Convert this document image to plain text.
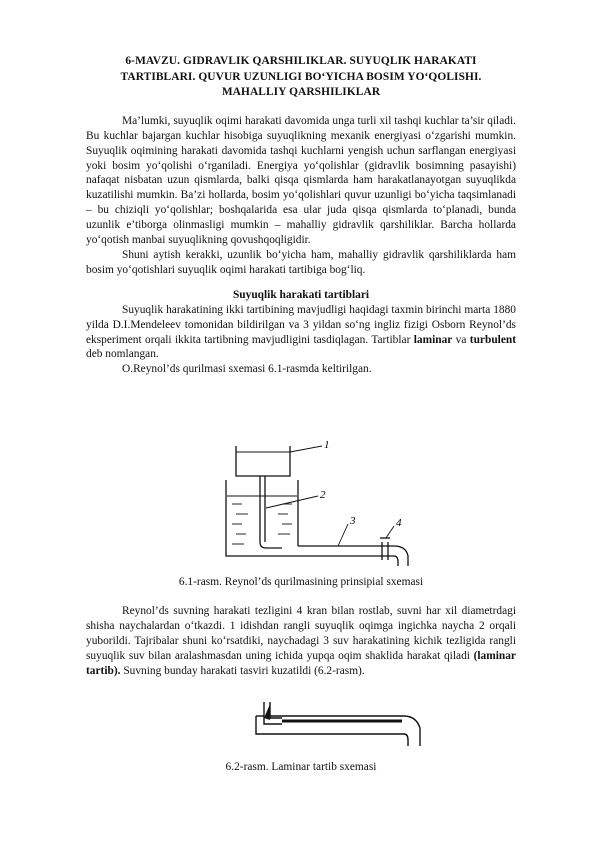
6-MAVZU. GIDRAVLIK QARSHILIKLAR. SUYUQLIK HARAKATI
TARTIBLARI. QUVUR UZUNLIGI BO‘YICHA BOSIM YO‘QOLISHI.
MAHALLIY QARSHILIKLAR

Ma’lumki, suyuqlik oqimi harakati davomida unga turli xil tashqi kuchlar ta’sir qiladi. Bu kuchlar bajargan kuchlar hisobiga suyuqlikning mexanik energiyasi o‘zgarishi mumkin. Suyuqlik oqimining harakati davomida tashqi kuchlarni yengish uchun sarflangan energiyasi yoki bosim yo‘qolishi o‘rganiladi. Energiya yo‘qolishlar (gidravlik bosimning pasayishi) nafaqat nisbatan uzun qismlarda, balki qisqa qismlarda ham harakatlanayotgan suyuqlikda kuzatilishi mumkin. Ba’zi hollarda, bosim yo‘qolishlari quvur uzunligi bo‘yicha taqsimlanadi – bu chiziqli yo‘qolishlar; boshqalarida esa ular juda qisqa qismlarda to‘planadi, bunda uzunlik e’tiborga olinmasligi mumkin – mahalliy gidravlik qarshiliklar. Barcha hollarda yo‘qotish manbai suyuqlikning qovushqoqligidir.

Shuni aytish kerakki, uzunlik bo‘yicha ham, mahalliy gidravlik qarshiliklarda ham bosim yo‘qotishlari suyuqlik oqimi harakati tartibiga bog‘liq.

Suyuqlik harakati tartiblari

Suyuqlik harakatining ikki tartibining mavjudligi haqidagi taxmin birinchi marta 1880 yilda D.I.Mendeleev tomonidan bildirilgan va 3 yildan so‘ng ingliz fizigi Osborn Reynol’ds eksperiment orqali ikkita tartibning mavjudligini tasdiqlagan. Tartiblar laminar va turbulent deb nomlangan.

O.Reynol’ds qurilmasi sxemasi 6.1-rasmda keltirilgan.

1
2
3	4
6.1-rasm. Reynol’ds qurilmasining prinsipial sxemasi

Reynol’ds suvning harakati tezligini 4 kran bilan rostlab, suvni har xil diametrdagi shisha naychalardan o‘tkazdi. 1 idishdan rangli suyuqlik oqimga ingichka naycha 2 orqali yuborildi. Tajribalar shuni ko‘rsatdiki, naychadagi 3 suv harakatining kichik tezligida rangli suyuqlik suv bilan aralashmasdan uning ichida yupqa oqim shaklida harakat qiladi (laminar tartib). Suvning bunday harakati tasviri kuzatildi (6.2-rasm).

6.2-rasm. Laminar tartib sxemasi
